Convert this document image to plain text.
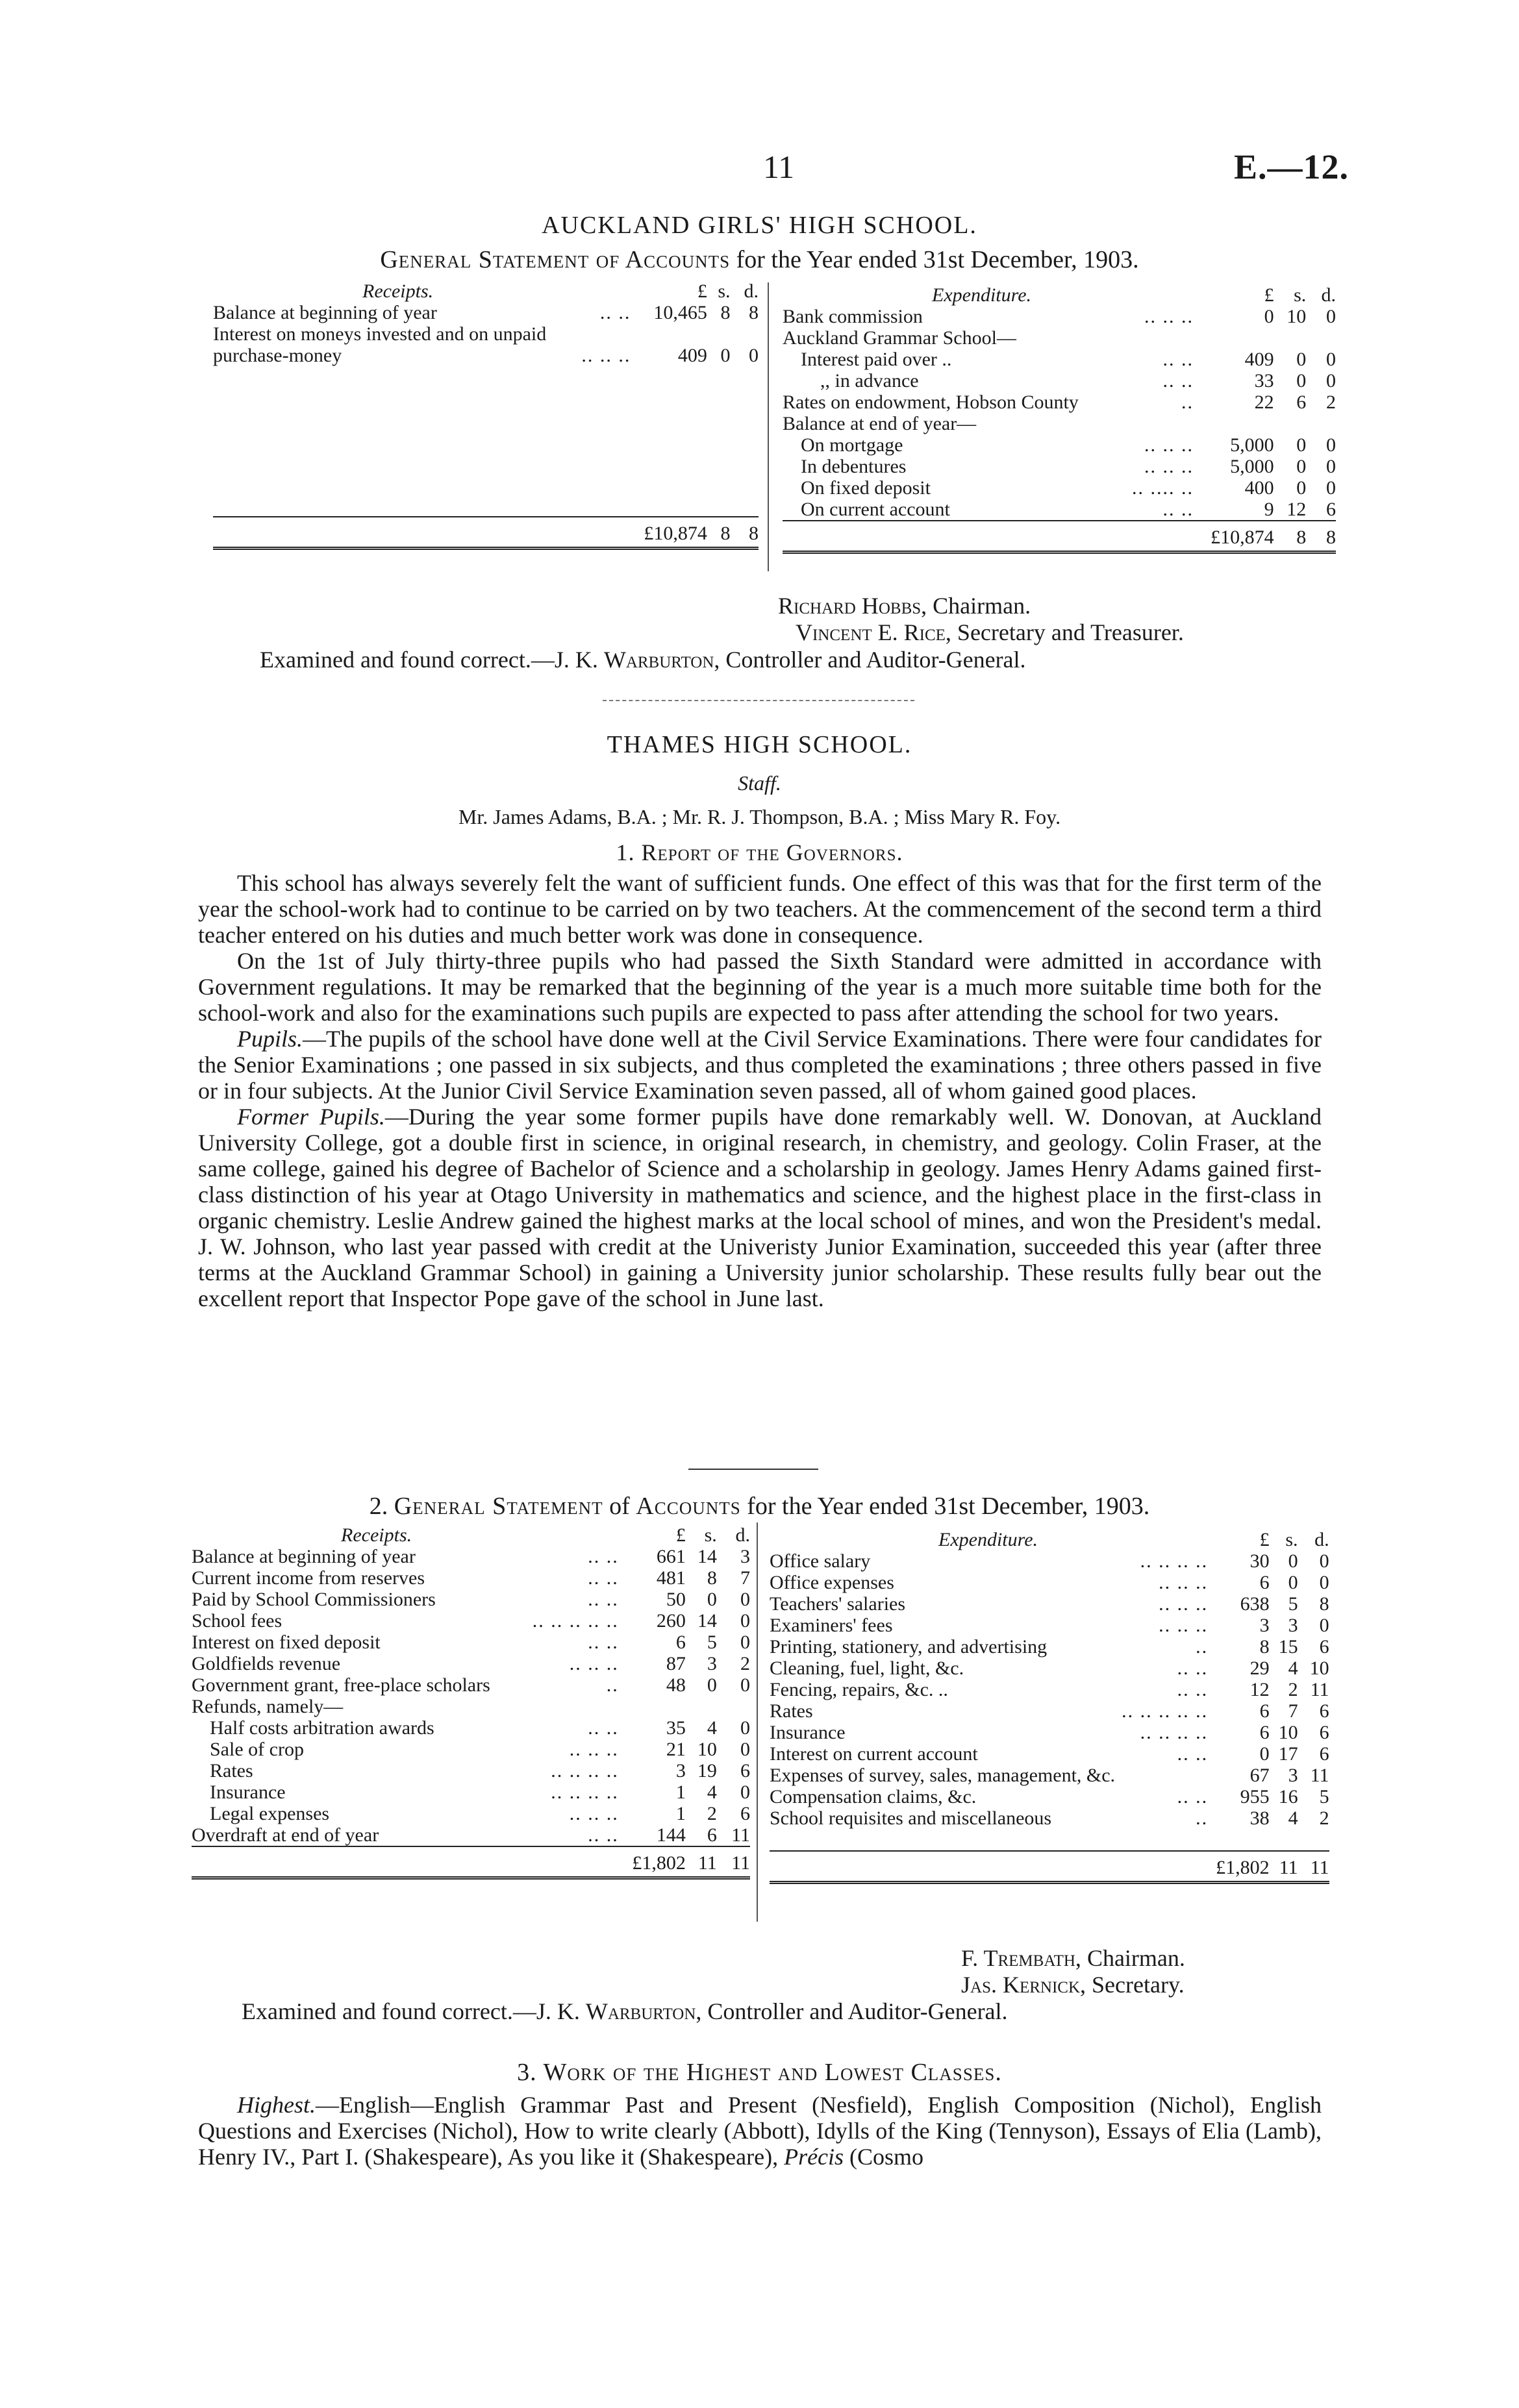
11	E.—12.
AUCKLAND GIRLS' HIGH SCHOOL.
General Statement of Accounts for the Year ended 31st December, 1903.
Receipts.		£	s.	d.
Balance at beginning of year	.. ..	10,465	8	8
Interest on moneys invested and on unpaid				
purchase-money	.. .. ..	409	0	0

		£10,874	8	8
Expenditure.		£	s.	d.
Bank commission	.. .. ..	0	10	0
Auckland Grammar School—				
Interest paid over ..	.. ..	409	0	0
,, in advance	.. ..	33	0	0
Rates on endowment, Hobson County	..	22	6	2
Balance at end of year—				
On mortgage	.. .. ..	5,000	0	0
In debentures	.. .. ..	5,000	0	0
On fixed deposit	.. .... ..	400	0	0
On current account	.. ..	9	12	6
		£10,874	8	8
Richard Hobbs, Chairman.
Vincent E. Rice, Secretary and Treasurer.
Examined and found correct.—J. K. Warburton, Controller and Auditor-General.
THAMES HIGH SCHOOL.
Staff.
Mr. James Adams, B.A. ; Mr. R. J. Thompson, B.A. ; Miss Mary R. Foy.
1. Report of the Governors.

This school has always severely felt the want of sufficient funds. One effect of this was that for the first term of the year the school-work had to continue to be carried on by two teachers. At the commencement of the second term a third teacher entered on his duties and much better work was done in consequence.

On the 1st of July thirty-three pupils who had passed the Sixth Standard were admitted in accordance with Government regulations. It may be remarked that the beginning of the year is a much more suitable time both for the school-work and also for the examinations such pupils are expected to pass after attending the school for two years.

Pupils.—The pupils of the school have done well at the Civil Service Examinations. There were four candidates for the Senior Examinations ; one passed in six subjects, and thus completed the examinations ; three others passed in five or in four subjects. At the Junior Civil Service Examination seven passed, all of whom gained good places.

Former Pupils.—During the year some former pupils have done remarkably well. W. Donovan, at Auckland University College, got a double first in science, in original research, in chemistry, and geology. Colin Fraser, at the same college, gained his degree of Bachelor of Science and a scholarship in geology. James Henry Adams gained first-class distinction of his year at Otago University in mathematics and science, and the highest place in the first-class in organic chemistry. Leslie Andrew gained the highest marks at the local school of mines, and won the President's medal. J. W. Johnson, who last year passed with credit at the Univeristy Junior Examination, succeeded this year (after three terms at the Auckland Grammar School) in gaining a University junior scholarship. These results fully bear out the excellent report that Inspector Pope gave of the school in June last.

2. General Statement of Accounts for the Year ended 31st December, 1903.
Receipts.		£	s.	d.
Balance at beginning of year	.. ..	661	14	3
Current income from reserves	.. ..	481	8	7
Paid by School Commissioners	.. ..	50	0	0
School fees	.. .. .. .. ..	260	14	0
Interest on fixed deposit	.. ..	6	5	0
Goldfields revenue	.. .. ..	87	3	2
Government grant, free-place scholars	..	48	0	0
Refunds, namely—				
Half costs arbitration awards	.. ..	35	4	0
Sale of crop	.. .. ..	21	10	0
Rates	.. .. .. ..	3	19	6
Insurance	.. .. .. ..	1	4	0
Legal expenses	.. .. ..	1	2	6
Overdraft at end of year	.. ..	144	6	11
		£1,802	11	11
Expenditure.		£	s.	d.
Office salary	.. .. .. ..	30	0	0
Office expenses	.. .. ..	6	0	0
Teachers' salaries	.. .. ..	638	5	8
Examiners' fees	.. .. ..	3	3	0
Printing, stationery, and advertising	..	8	15	6
Cleaning, fuel, light, &c.	.. ..	29	4	10
Fencing, repairs, &c. ..	.. ..	12	2	11
Rates	.. .. .. .. ..	6	7	6
Insurance	.. .. .. ..	6	10	6
Interest on current account	.. ..	0	17	6
Expenses of survey, sales, management, &c.		67	3	11
Compensation claims, &c.	.. ..	955	16	5
School requisites and miscellaneous	..	38	4	2

		£1,802	11	11
F. Trembath, Chairman.
Jas. Kernick, Secretary.
Examined and found correct.—J. K. Warburton, Controller and Auditor-General.
3. Work of the Highest and Lowest Classes.

Highest.—English—English Grammar Past and Present (Nesfield), English Composition (Nichol), English Questions and Exercises (Nichol), How to write clearly (Abbott), Idylls of the King (Tennyson), Essays of Elia (Lamb), Henry IV., Part I. (Shakespeare), As you like it (Shakespeare), Précis (Cosmo
